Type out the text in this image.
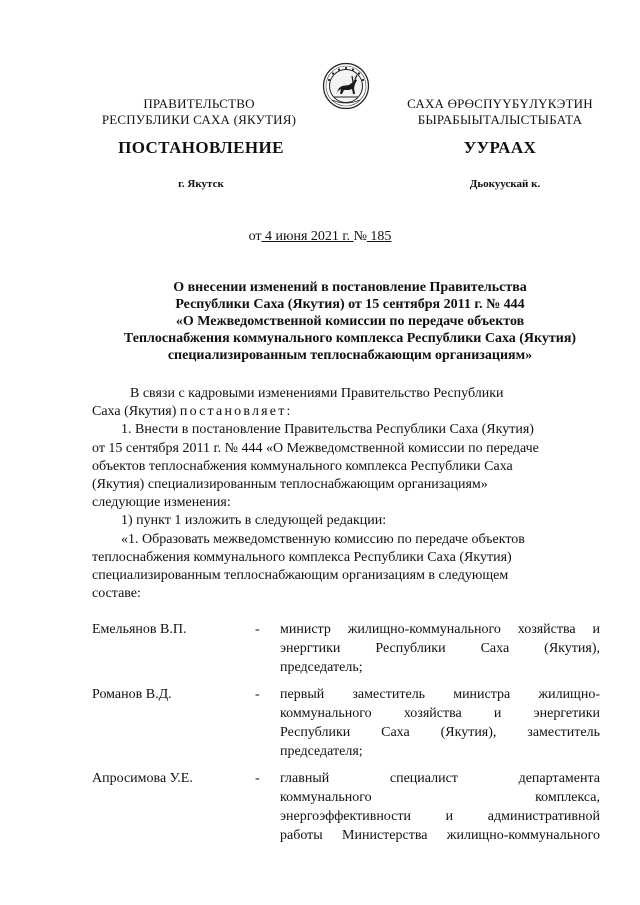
ПРАВИТЕЛЬСТВО
РЕСПУБЛИКИ САХА (ЯКУТИЯ)
САХА ӨРӨСПҮҮБҮЛҮКЭТИН
БЫРАБЫЫТАЛЫСТЫБАТА
ПОСТАНОВЛЕНИЕ	УУРААХ
г. Якутск	Дьокуускай к.
от 4 июня 2021 г. № 185
О внесении изменений в постановление Правительства
Республики Саха (Якутия) от 15 сентября 2011 г. № 444
«О Межведомственной комиссии по передаче объектов
Теплоснабжения коммунального комплекса Республики Саха (Якутия)
специализированным теплоснабжающим организациям»

В связи с кадровыми изменениями Правительство Республики

Саха (Якутия) постановляет:

1. Внести в постановление Правительства Республики Саха (Якутия)

от 15 сентября 2011 г. № 444 «О Межведомственной комиссии по передаче

объектов теплоснабжения коммунального комплекса Республики Саха

(Якутия) специализированным теплоснабжающим организациям»

следующие изменения:

1) пункт 1 изложить в следующей редакции:

«1. Образовать межведомственную комиссию по передаче объектов

теплоснабжения коммунального комплекса Республики Саха (Якутия)

специализированным теплоснабжающим организациям в следующем

составе:

Емельянов В.П.	- министр жилищно-коммунального хозяйства и
энергтики Республики Саха (Якутия),
председатель;
Романов В.Д.	- первый заместитель министра жилищно-
коммунального хозяйства и энергетики
Республики Саха (Якутия), заместитель
председателя;
Апросимова У.Е.	- главный специалист департамента
коммунального комплекса,
энергоэффективности и административной
работы Министерства жилищно-коммунального
